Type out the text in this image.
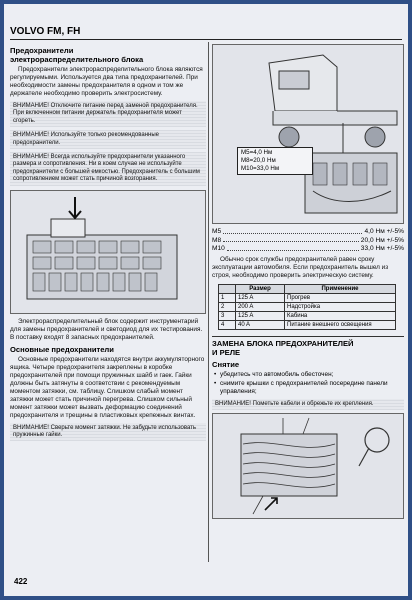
VOLVO FM, FH
Предохранители
электрораспределительного блока

Предохранители электрораспределительного блока являются регулируемыми. Используется два типа предохранителей. При необходимости замены предохранителя в одном и том же держателе необходимо проверить электросистему.

ВНИМАНИЕ! Отключите питание перед заменой предохранителя. При включенном питании держатель предохранителя может сгореть.
ВНИМАНИЕ! Используйте только рекомендованные предохранители.
ВНИМАНИЕ! Всегда используйте предохранители указанного размера и сопротивления. Ни в коем случае не используйте предохранители с большей емкостью. Предохранитель с большим сопротивлением может стать причиной возгорания.

Электрораспределительный блок содержит инструментарий для замены предохранителей и светодиод для их тестирования. В поставку входят 8 запасных предохранителей.

Основные предохранители

Основные предохранители находятся внутри аккумуляторного ящика. Четыре предохранителя закреплены в коробке предохранителей при помощи пружинных шайб и гаек. Гайки должны быть затянуты в соответствии с рекомендуемым моментом затяжки, см. таблицу. Слишком слабый момент затяжки может стать причиной перегрева. Слишком сильный момент затяжки может вызвать деформацию соединений предохранителя и трещины в пластиковых крепежных винтах.

ВНИМАНИЕ! Сверьте момент затяжки. Не забудьте использовать пружинные гайки.
M5=4,0 Нм
M8=20,0 Нм
M10=33,0 Нм
M5	4,0 Нм +/-5%
M8	20,0 Нм +/-5%
M10	33,0 Нм +/-5%

Обычно срок службы предохранителей равен сроку эксплуатации автомобиля. Если предохранитель вышел из строя, необходимо проверить электрическую систему.

	Размер	Применение
1	125 A	Прогрев
2	200 A	Надстройка
3	125 A	Кабина
4	40 A	Питание внешнего освещения
ЗАМЕНА БЛОКА ПРЕДОХРАНИТЕЛЕЙ
И РЕЛЕ
Снятие
• убедитесь что автомобиль обесточен;
• снимите крышки с предохранителей посередине панели управления;
ВНИМАНИЕ! Пометьте кабели и обрежьте их крепления.
422
